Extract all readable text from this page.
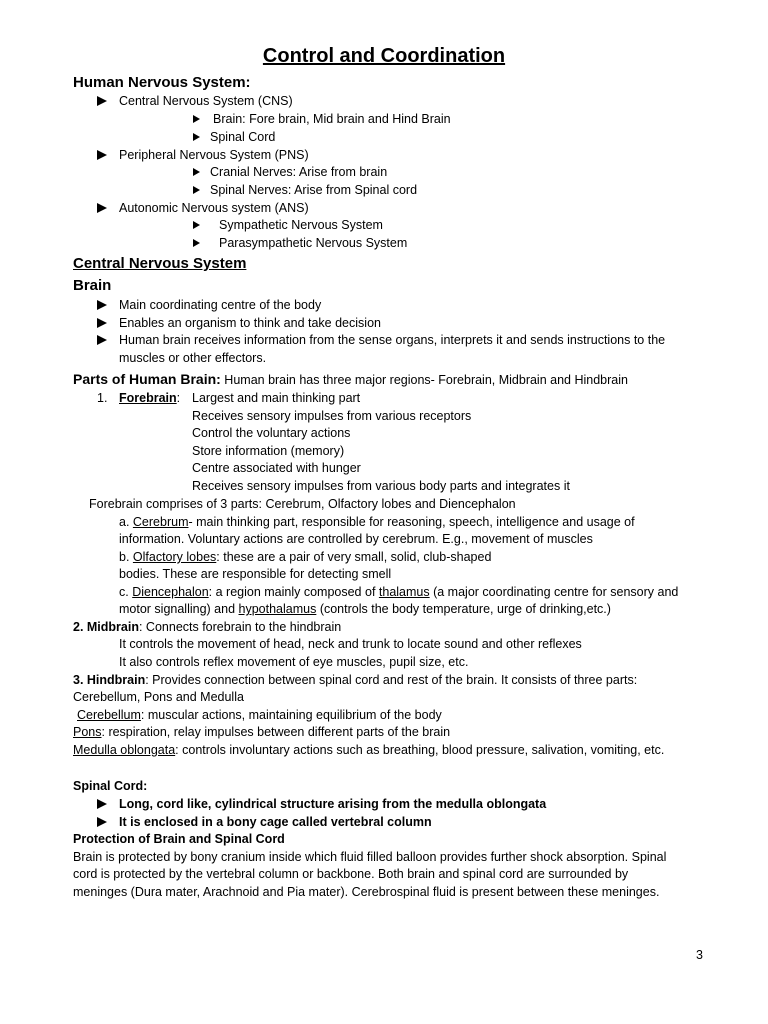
Control and Coordination
Human Nervous System:
Central Nervous System (CNS)
Brain: Fore brain, Mid brain and Hind Brain
Spinal Cord
Peripheral Nervous System (PNS)
Cranial Nerves: Arise from brain
Spinal Nerves: Arise from Spinal cord
Autonomic Nervous system (ANS)
Sympathetic Nervous System
Parasympathetic Nervous System
Central Nervous System
Brain
Main coordinating centre of the body
Enables an organism to think and take decision
Human brain receives information from the sense organs, interprets it and sends instructions to the
muscles or other effectors.
Parts of Human Brain: Human brain has three major regions- Forebrain, Midbrain and Hindbrain
1. Forebrain: Largest and main thinking part
Receives sensory impulses from various receptors
Control the voluntary actions
Store information (memory)
Centre associated with hunger
Receives sensory impulses from various body parts and integrates it
Forebrain comprises of 3 parts: Cerebrum, Olfactory lobes and Diencephalon
a. Cerebrum- main thinking part, responsible for reasoning, speech, intelligence and usage of
information. Voluntary actions are controlled by cerebrum. E.g., movement of muscles
b. Olfactory lobes: these are a pair of very small, solid, club-shaped
bodies. These are responsible for detecting smell
c. Diencephalon: a region mainly composed of thalamus (a major coordinating centre for sensory and
motor signalling) and hypothalamus (controls the body temperature, urge of drinking,etc.)
2. Midbrain: Connects forebrain to the hindbrain
It controls the movement of head, neck and trunk to locate sound and other reflexes
It also controls reflex movement of eye muscles, pupil size, etc.
3. Hindbrain: Provides connection between spinal cord and rest of the brain. It consists of three parts:
Cerebellum, Pons and Medulla
Cerebellum: muscular actions, maintaining equilibrium of the body
Pons: respiration, relay impulses between different parts of the brain
Medulla oblongata: controls involuntary actions such as breathing, blood pressure, salivation, vomiting, etc.
Spinal Cord:
Long, cord like, cylindrical structure arising from the medulla oblongata
It is enclosed in a bony cage called vertebral column
Protection of Brain and Spinal Cord
Brain is protected by bony cranium inside which fluid filled balloon provides further shock absorption. Spinal
cord is protected by the vertebral column or backbone. Both brain and spinal cord are surrounded by
meninges (Dura mater, Arachnoid and Pia mater). Cerebrospinal fluid is present between these meninges.
3
